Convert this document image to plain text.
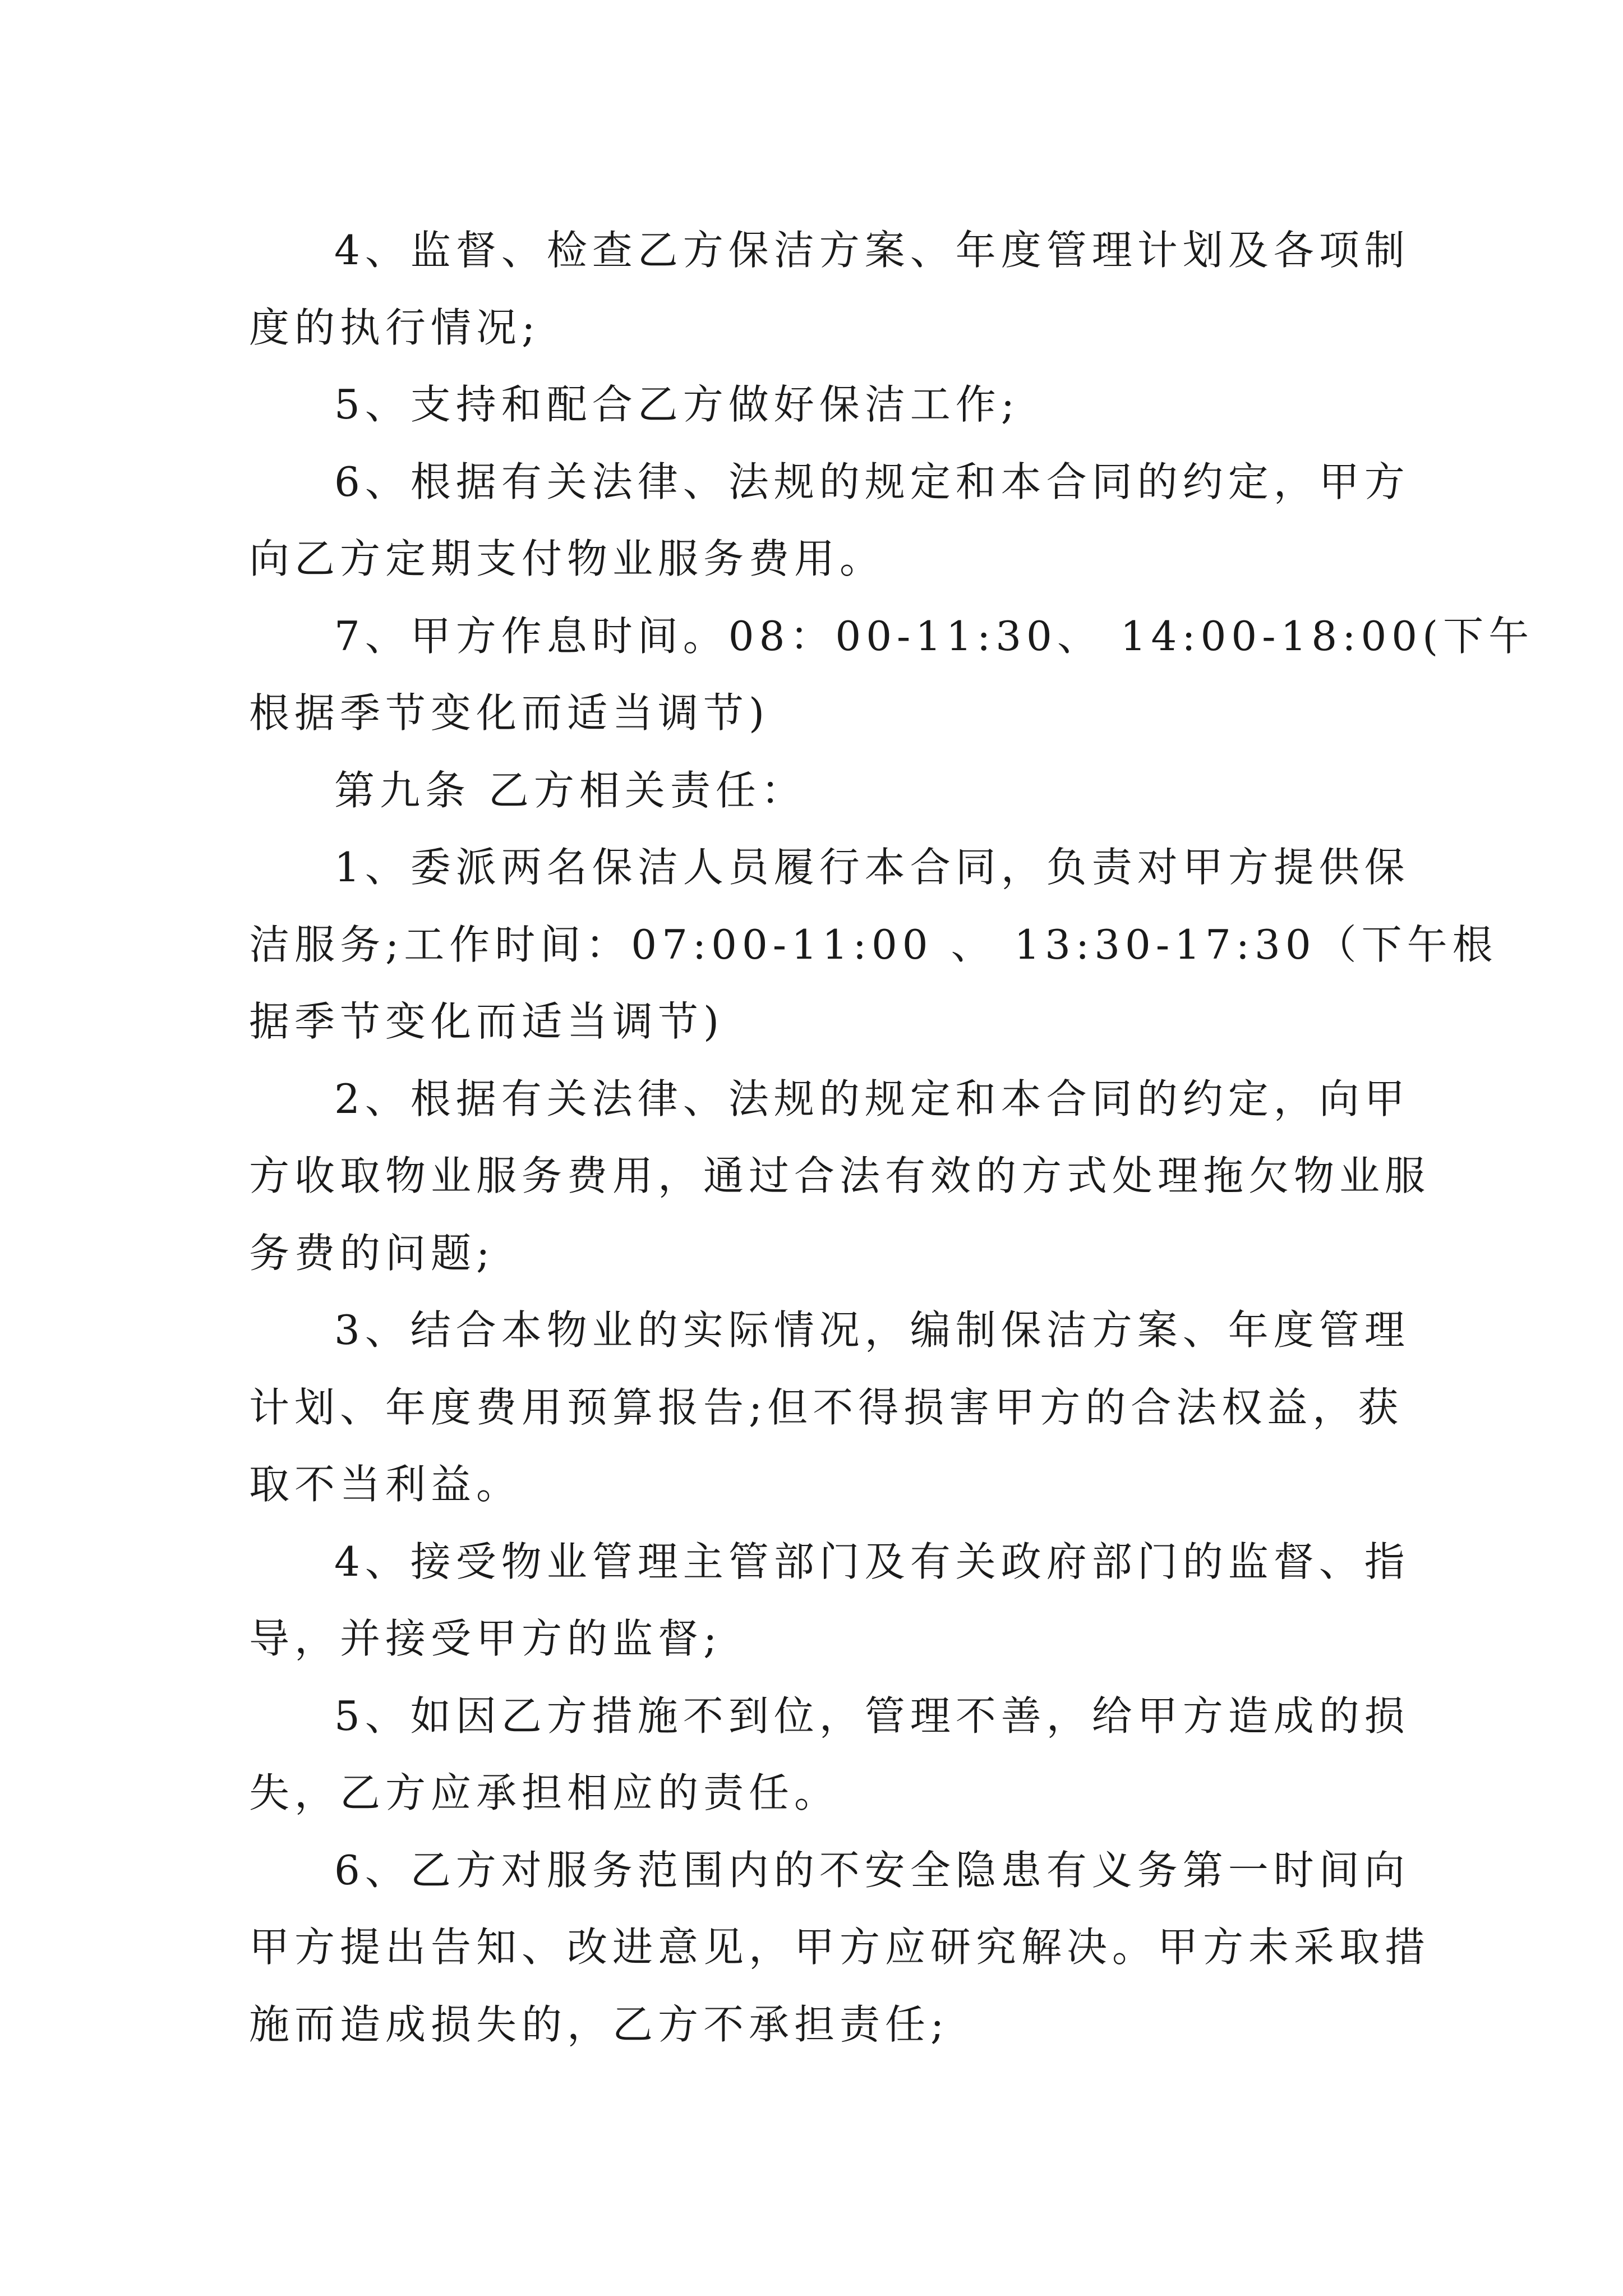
4、监督、检查乙方保洁方案、年度管理计划及各项制
度的执行情况;
5、支持和配合乙方做好保洁工作;
6、根据有关法律、法规的规定和本合同的约定，甲方
向乙方定期支付物业服务费用。
7、甲方作息时间。08：00-11:30、 14:00-18:00(下午
根据季节变化而适当调节)
第九条 乙方相关责任：
1、委派两名保洁人员履行本合同，负责对甲方提供保
洁服务;工作时间：07:00-11:00 、 13:30-17:30（下午根
据季节变化而适当调节)
2、根据有关法律、法规的规定和本合同的约定，向甲
方收取物业服务费用，通过合法有效的方式处理拖欠物业服
务费的问题;
3、结合本物业的实际情况，编制保洁方案、年度管理
计划、年度费用预算报告;但不得损害甲方的合法权益，获
取不当利益。
4、接受物业管理主管部门及有关政府部门的监督、指
导，并接受甲方的监督;
5、如因乙方措施不到位，管理不善，给甲方造成的损
失，乙方应承担相应的责任。
6、乙方对服务范围内的不安全隐患有义务第一时间向
甲方提出告知、改进意见，甲方应研究解决。甲方未采取措
施而造成损失的，乙方不承担责任;
